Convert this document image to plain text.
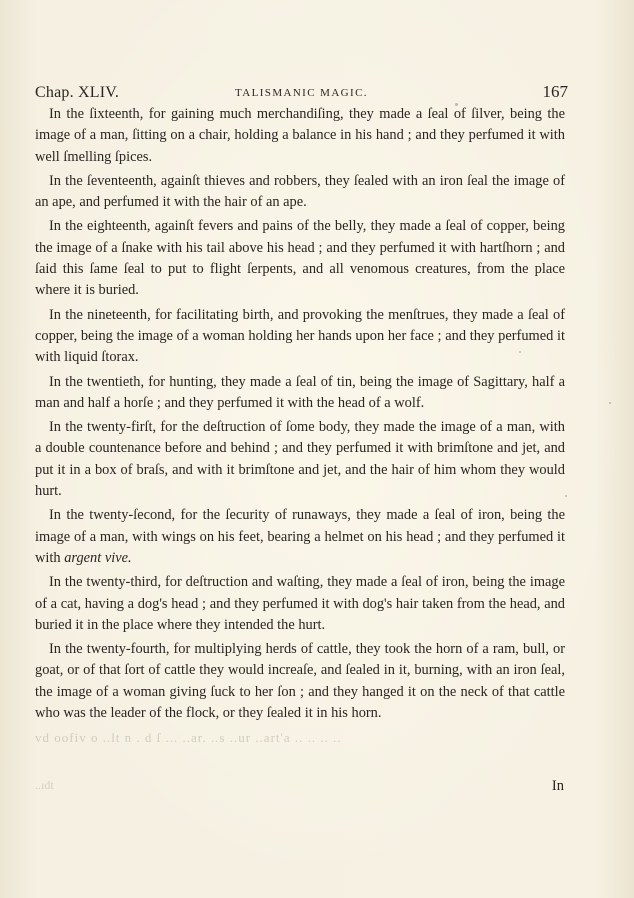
Chap. XLIV.	TALISMANIC MAGIC.	167

In the ſixteenth, for gaining much merchandiſing, they made a ſeal of ſilver, being the image of a man, ſitting on a chair, holding a balance in his hand ; and they perfumed it with well ſmelling ſpices.

In the ſeventeenth, againſt thieves and robbers, they ſealed with an iron ſeal the image of an ape, and perfumed it with the hair of an ape.

In the eighteenth, againſt fevers and pains of the belly, they made a ſeal of copper, being the image of a ſnake with his tail above his head ; and they perfumed it with hartſhorn ; and ſaid this ſame ſeal to put to flight ſerpents, and all venomous creatures, from the place where it is buried.

In the nineteenth, for facilitating birth, and provoking the menſtrues, they made a ſeal of copper, being the image of a woman holding her hands upon her face ; and they perfumed it with liquid ſtorax.

In the twentieth, for hunting, they made a ſeal of tin, being the image of Sagittary, half a man and half a horſe ; and they perfumed it with the head of a wolf.

In the twenty-firſt, for the deſtruction of ſome body, they made the image of a man, with a double countenance before and behind ; and they perfumed it with brimſtone and jet, and put it in a box of braſs, and with it brimſtone and jet, and the hair of him whom they would hurt.

In the twenty-ſecond, for the ſecurity of runaways, they made a ſeal of iron, being the image of a man, with wings on his feet, bearing a helmet on his head ; and they perfumed it with argent vive.

In the twenty-third, for deſtruction and waſting, they made a ſeal of iron, being the image of a cat, having a dog's head ; and they perfumed it with dog's hair taken from the head, and buried it in the place where they intended the hurt.

In the twenty-fourth, for multiplying herds of cattle, they took the horn of a ram, bull, or goat, or of that ſort of cattle they would increaſe, and ſealed in it, burning, with an iron ſeal, the image of a woman giving ſuck to her ſon ; and they hanged it on the neck of that cattle who was the leader of the flock, or they ſealed it in his horn.

vd oofiv o ..lt n . d ſ ... ..ar. ..s ..ur ..art'a .. .. .. ..
..ıdt	In
